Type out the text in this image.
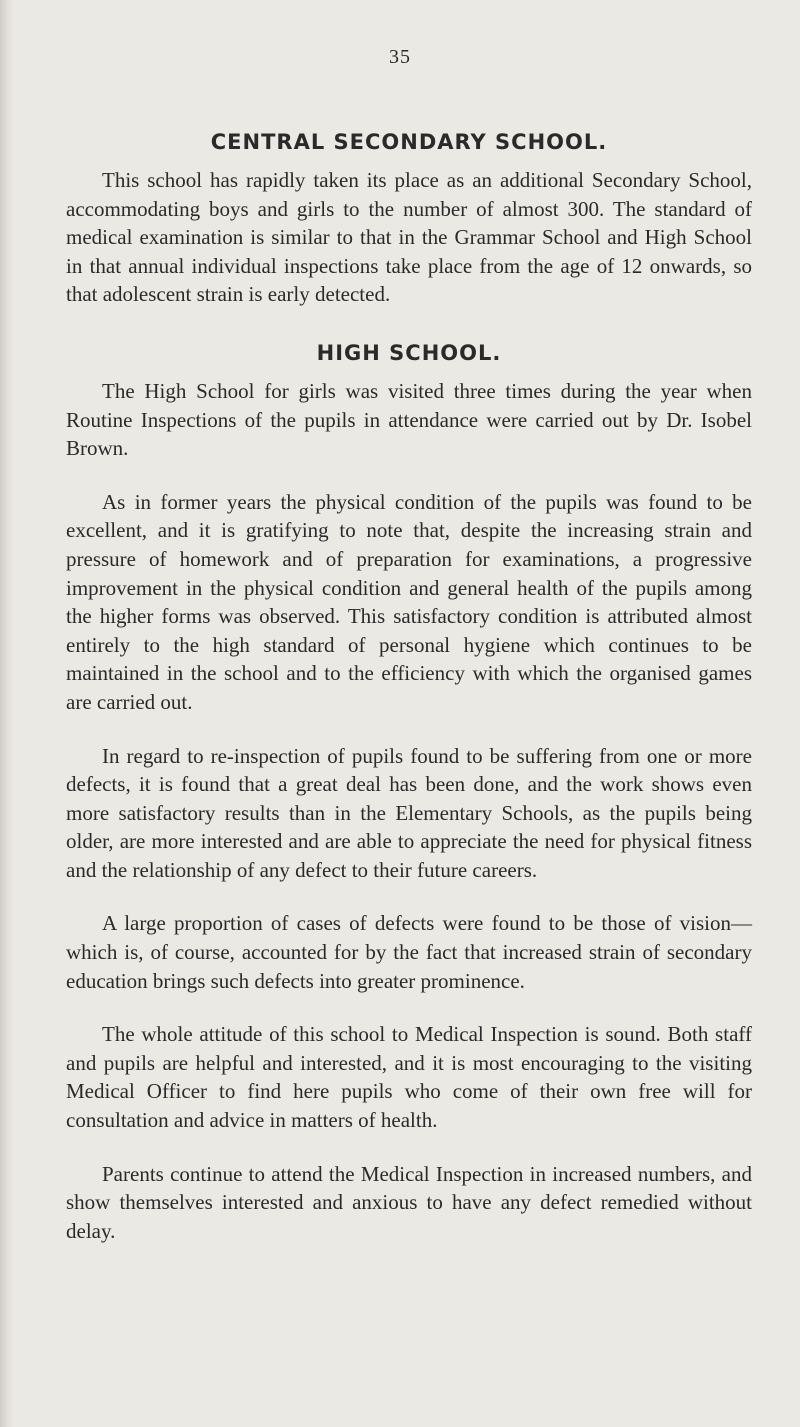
35
CENTRAL SECONDARY SCHOOL.

This school has rapidly taken its place as an additional Secondary School, accommodating boys and girls to the number of almost 300. The standard of medical examination is similar to that in the Grammar School and High School in that annual individual inspections take place from the age of 12 onwards, so that adolescent strain is early detected.

HIGH SCHOOL.

The High School for girls was visited three times during the year when Routine Inspections of the pupils in attendance were carried out by Dr. Isobel Brown.

As in former years the physical condition of the pupils was found to be excellent, and it is gratifying to note that, despite the increasing strain and pressure of homework and of preparation for examinations, a progressive improvement in the physical condition and general health of the pupils among the higher forms was observed. This satisfactory condition is attributed almost entirely to the high standard of personal hygiene which continues to be maintained in the school and to the efficiency with which the organised games are carried out.

In regard to re-inspection of pupils found to be suffering from one or more defects, it is found that a great deal has been done, and the work shows even more satisfactory results than in the Elementary Schools, as the pupils being older, are more interested and are able to appreciate the need for physical fitness and the relationship of any defect to their future careers.

A large proportion of cases of defects were found to be those of vision—which is, of course, accounted for by the fact that increased strain of secondary education brings such defects into greater prominence.

The whole attitude of this school to Medical Inspection is sound. Both staff and pupils are helpful and interested, and it is most encouraging to the visiting Medical Officer to find here pupils who come of their own free will for consultation and advice in matters of health.

Parents continue to attend the Medical Inspection in increased numbers, and show themselves interested and anxious to have any defect remedied without delay.
